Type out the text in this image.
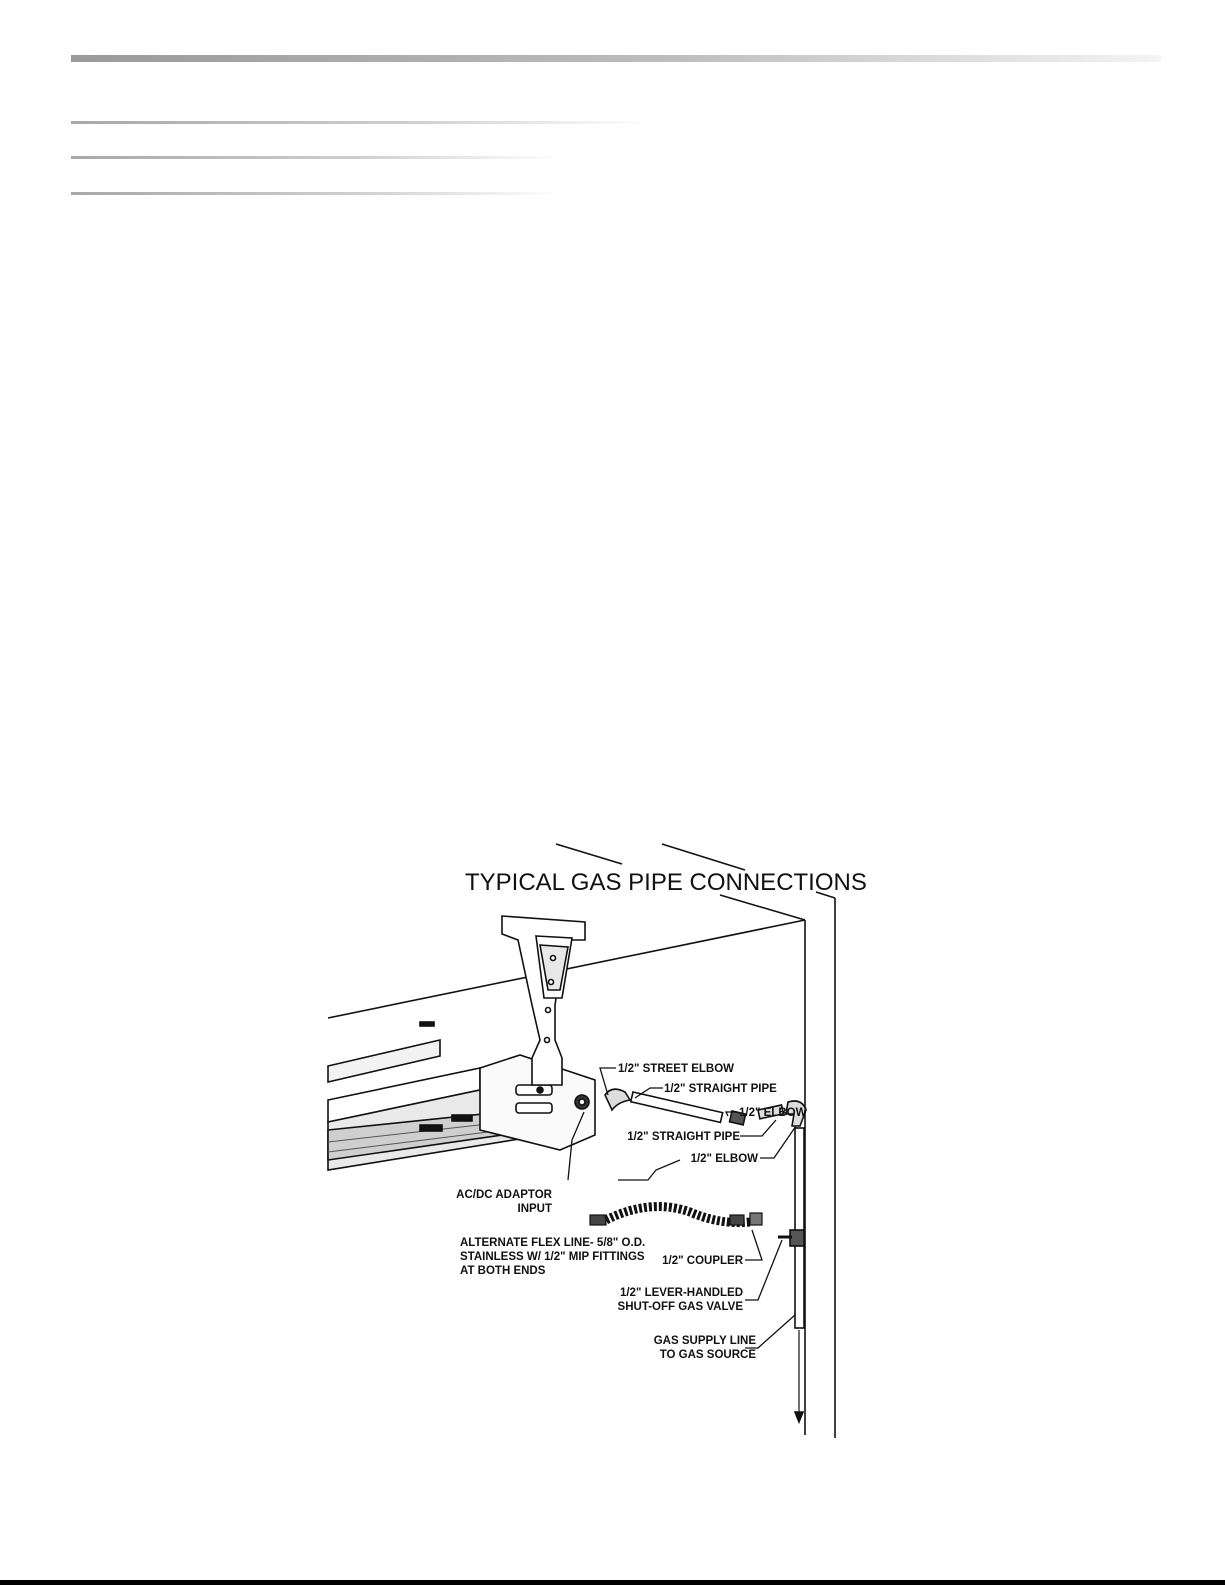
TYPICAL GAS PIPE CONNECTIONS
1/2" STREET ELBOW
1/2" STRAIGHT PIPE
1/2" ELBOW
1/2" STRAIGHT PIPE
1/2" ELBOW
AC/DC ADAPTOR
INPUT
ALTERNATE FLEX LINE- 5/8" O.D.
STAINLESS W/ 1/2" MIP FITTINGS
AT BOTH ENDS
1/2" COUPLER
1/2" LEVER-HANDLED
SHUT-OFF GAS VALVE
GAS SUPPLY LINE
TO GAS SOURCE
